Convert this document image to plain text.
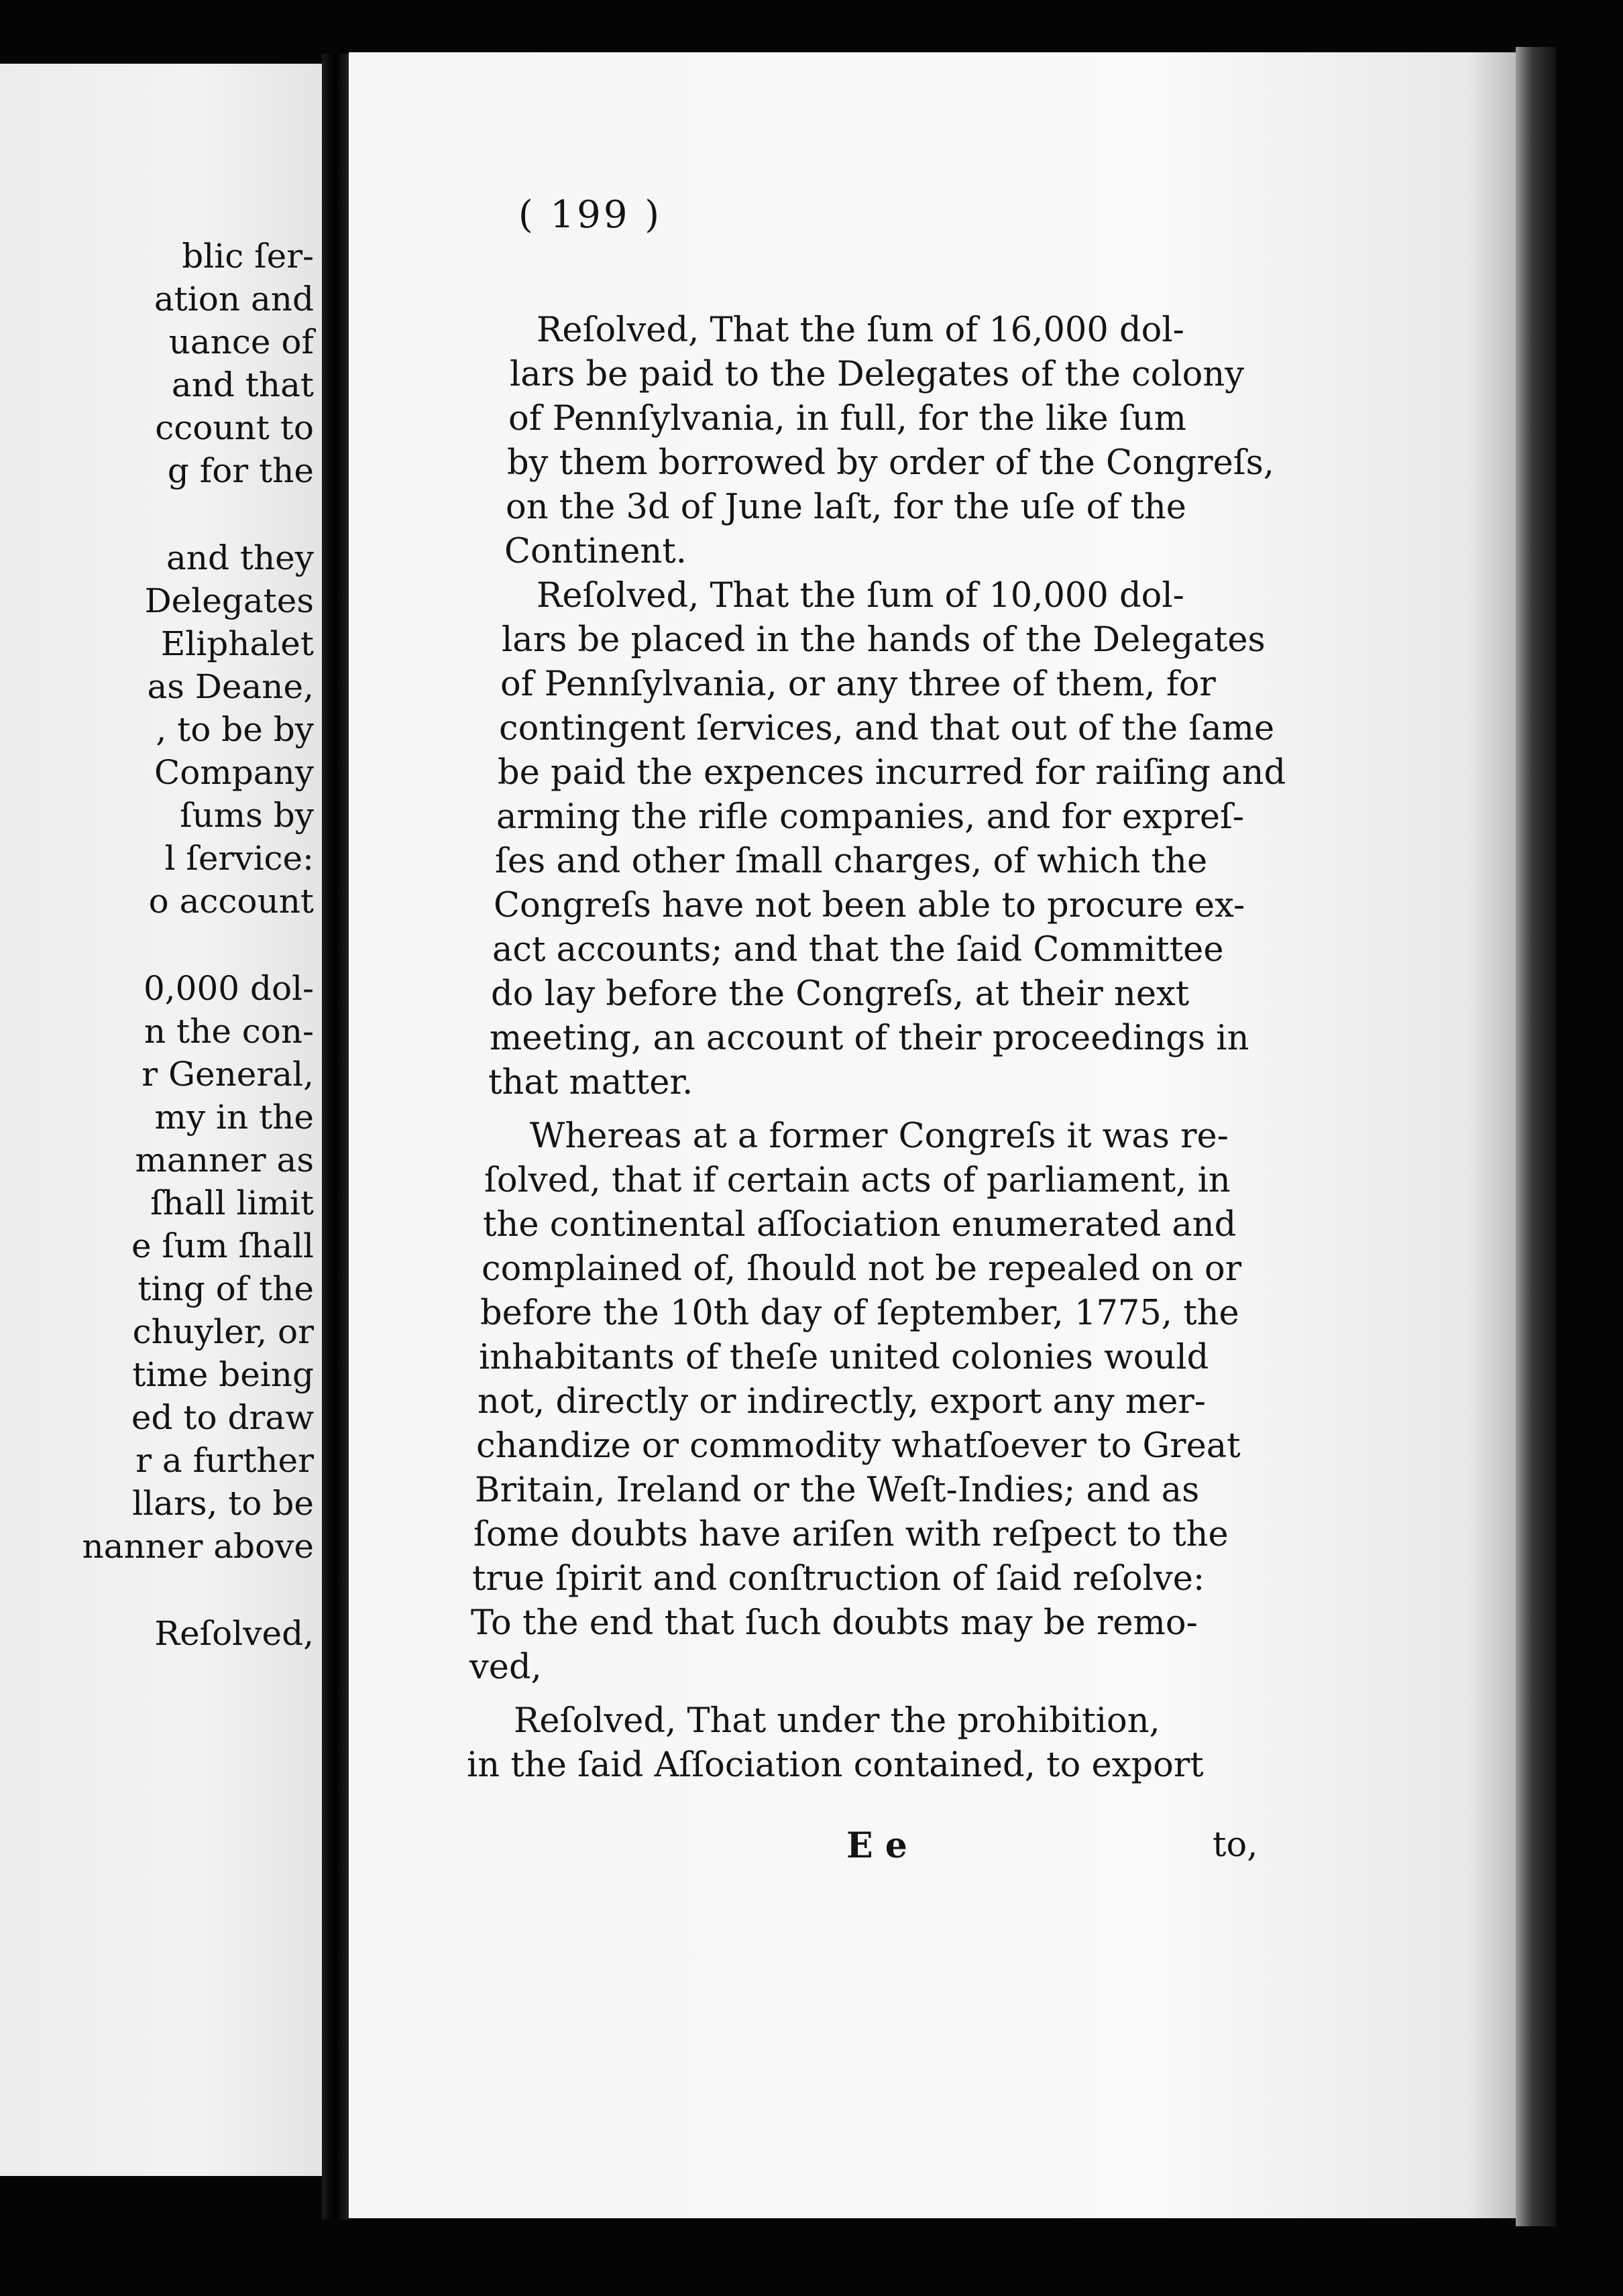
blic ſer-
ation and
uance of
and that
ccount to
g for the
and they
Delegates
Eliphalet
as Deane,
, to be by
Company
ſums by
l ſervice:
o account
0,000 dol-
n the con-
r General,
my in the
manner as
ſhall limit
e ſum ſhall
ting of the
chuyler, or
time being
ed to draw
r a further
llars, to be
nanner above
Reſolved,
( 199 )
Reſolved, That the ſum of 16,000 dol-
lars be paid to the Delegates of the colony
of Pennſylvania, in full, for the like ſum
by them borrowed by order of the Congreſs,
on the 3d of June laſt, for the uſe of the
Continent.
Reſolved, That the ſum of 10,000 dol-
lars be placed in the hands of the Delegates
of Pennſylvania, or any three of them, for
contingent ſervices, and that out of the ſame
be paid the expences incurred for raiſing and
arming the rifle companies, and for expreſ-
ſes and other ſmall charges, of which the
Congreſs have not been able to procure ex-
act accounts; and that the ſaid Committee
do lay before the Congreſs, at their next
meeting, an account of their proceedings in
that matter.
Whereas at a former Congreſs it was re-
ſolved, that if certain acts of parliament, in
the continental aſſociation enumerated and
complained of, ſhould not be repealed on or
before the 10th day of ſeptember, 1775, the
inhabitants of theſe united colonies would
not, directly or indirectly, export any mer-
chandize or commodity whatſoever to Great
Britain, Ireland or the Weſt-Indies; and as
ſome doubts have ariſen with reſpect to the
true ſpirit and conſtruction of ſaid reſolve:
To the end that ſuch doubts may be remo-
ved,
Reſolved, That under the prohibition,
in the ſaid Aſſociation contained, to export
E e	to,
